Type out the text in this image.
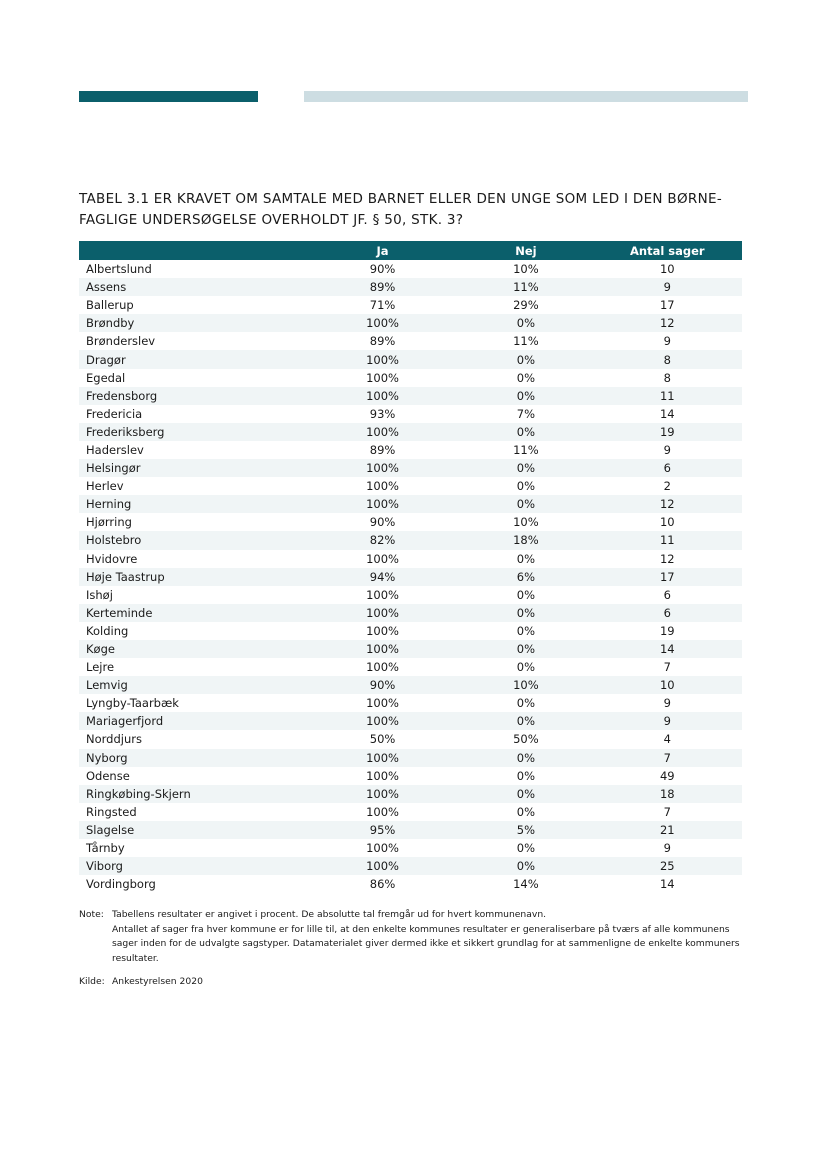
TABEL 3.1 ER KRAVET OM SAMTALE MED BARNET ELLER DEN UNGE SOM LED I DEN BØRNE-FAGLIGE UNDERSØGELSE OVERHOLDT JF. § 50, STK. 3?
	Ja	Nej	Antal sager
Albertslund	90%	10%	10
Assens	89%	11%	9
Ballerup	71%	29%	17
Brøndby	100%	0%	12
Brønderslev	89%	11%	9
Dragør	100%	0%	8
Egedal	100%	0%	8
Fredensborg	100%	0%	11
Fredericia	93%	7%	14
Frederiksberg	100%	0%	19
Haderslev	89%	11%	9
Helsingør	100%	0%	6
Herlev	100%	0%	2
Herning	100%	0%	12
Hjørring	90%	10%	10
Holstebro	82%	18%	11
Hvidovre	100%	0%	12
Høje Taastrup	94%	6%	17
Ishøj	100%	0%	6
Kerteminde	100%	0%	6
Kolding	100%	0%	19
Køge	100%	0%	14
Lejre	100%	0%	7
Lemvig	90%	10%	10
Lyngby-Taarbæk	100%	0%	9
Mariagerfjord	100%	0%	9
Norddjurs	50%	50%	4
Nyborg	100%	0%	7
Odense	100%	0%	49
Ringkøbing-Skjern	100%	0%	18
Ringsted	100%	0%	7
Slagelse	95%	5%	21
Tårnby	100%	0%	9
Viborg	100%	0%	25
Vordingborg	86%	14%	14
Note: Tabellens resultater er angivet i procent. De absolutte tal fremgår ud for hvert kommunenavn.
Antallet af sager fra hver kommune er for lille til, at den enkelte kommunes resultater er generaliserbare på tværs af alle kommunens sager inden for de udvalgte sagstyper. Datamaterialet giver dermed ikke et sikkert grundlag for at sammenligne de enkelte kommuners resultater.
Kilde: Ankestyrelsen 2020
